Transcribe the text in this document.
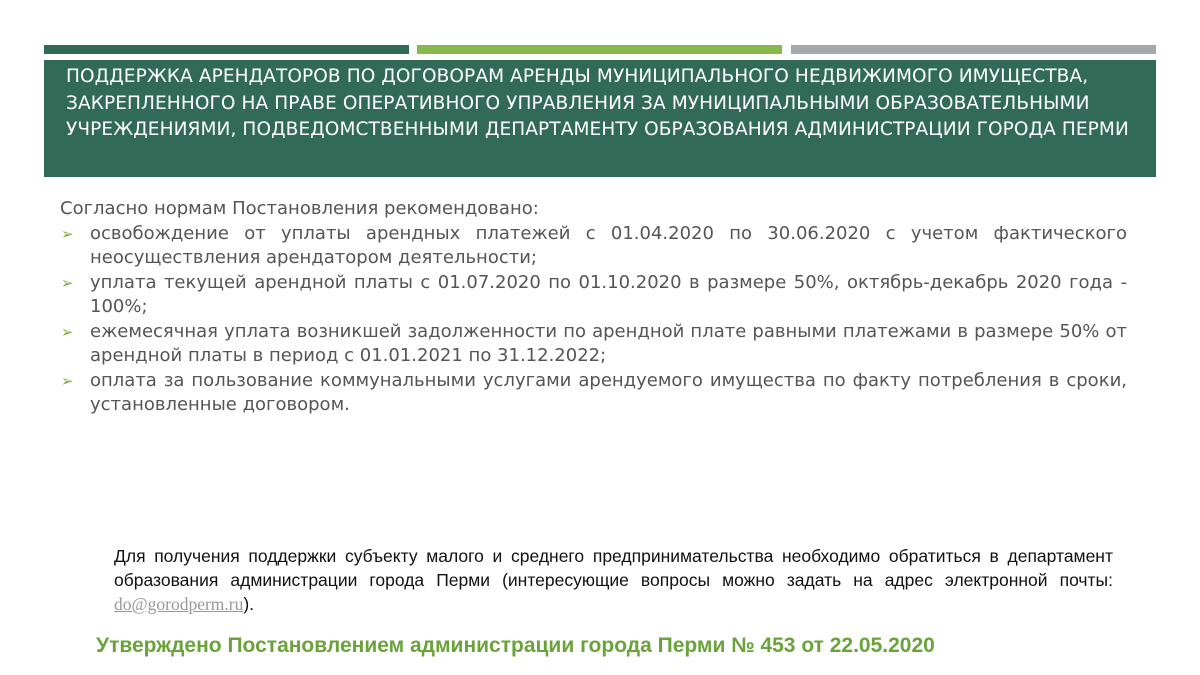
ПОДДЕРЖКА АРЕНДАТОРОВ ПО ДОГОВОРАМ АРЕНДЫ МУНИЦИПАЛЬНОГО НЕДВИЖИМОГО ИМУЩЕСТВА, ЗАКРЕПЛЕННОГО НА ПРАВЕ ОПЕРАТИВНОГО УПРАВЛЕНИЯ ЗА МУНИЦИПАЛЬНЫМИ ОБРАЗОВАТЕЛЬНЫМИ УЧРЕЖДЕНИЯМИ, ПОДВЕДОМСТВЕННЫМИ ДЕПАРТАМЕНТУ ОБРАЗОВАНИЯ АДМИНИСТРАЦИИ ГОРОДА ПЕРМИ

Согласно нормам Постановления рекомендовано:

➢ освобождение от уплаты арендных платежей с 01.04.2020 по 30.06.2020 с учетом фактического неосуществления арендатором деятельности;
➢ уплата текущей арендной платы с 01.07.2020 по 01.10.2020 в размере 50%, октябрь-декабрь 2020 года - 100%;
➢ ежемесячная уплата возникшей задолженности по арендной плате равными платежами в размере 50% от арендной платы в период с 01.01.2021 по 31.12.2022;
➢ оплата за пользование коммунальными услугами арендуемого имущества по факту потребления в сроки, установленные договором.

Для получения поддержки субъекту малого и среднего предпринимательства необходимо обратиться в департамент образования администрации города Перми (интересующие вопросы можно задать на адрес электронной почты: do@gorodperm.ru).

Утверждено Постановлением администрации города Перми № 453 от 22.05.2020
